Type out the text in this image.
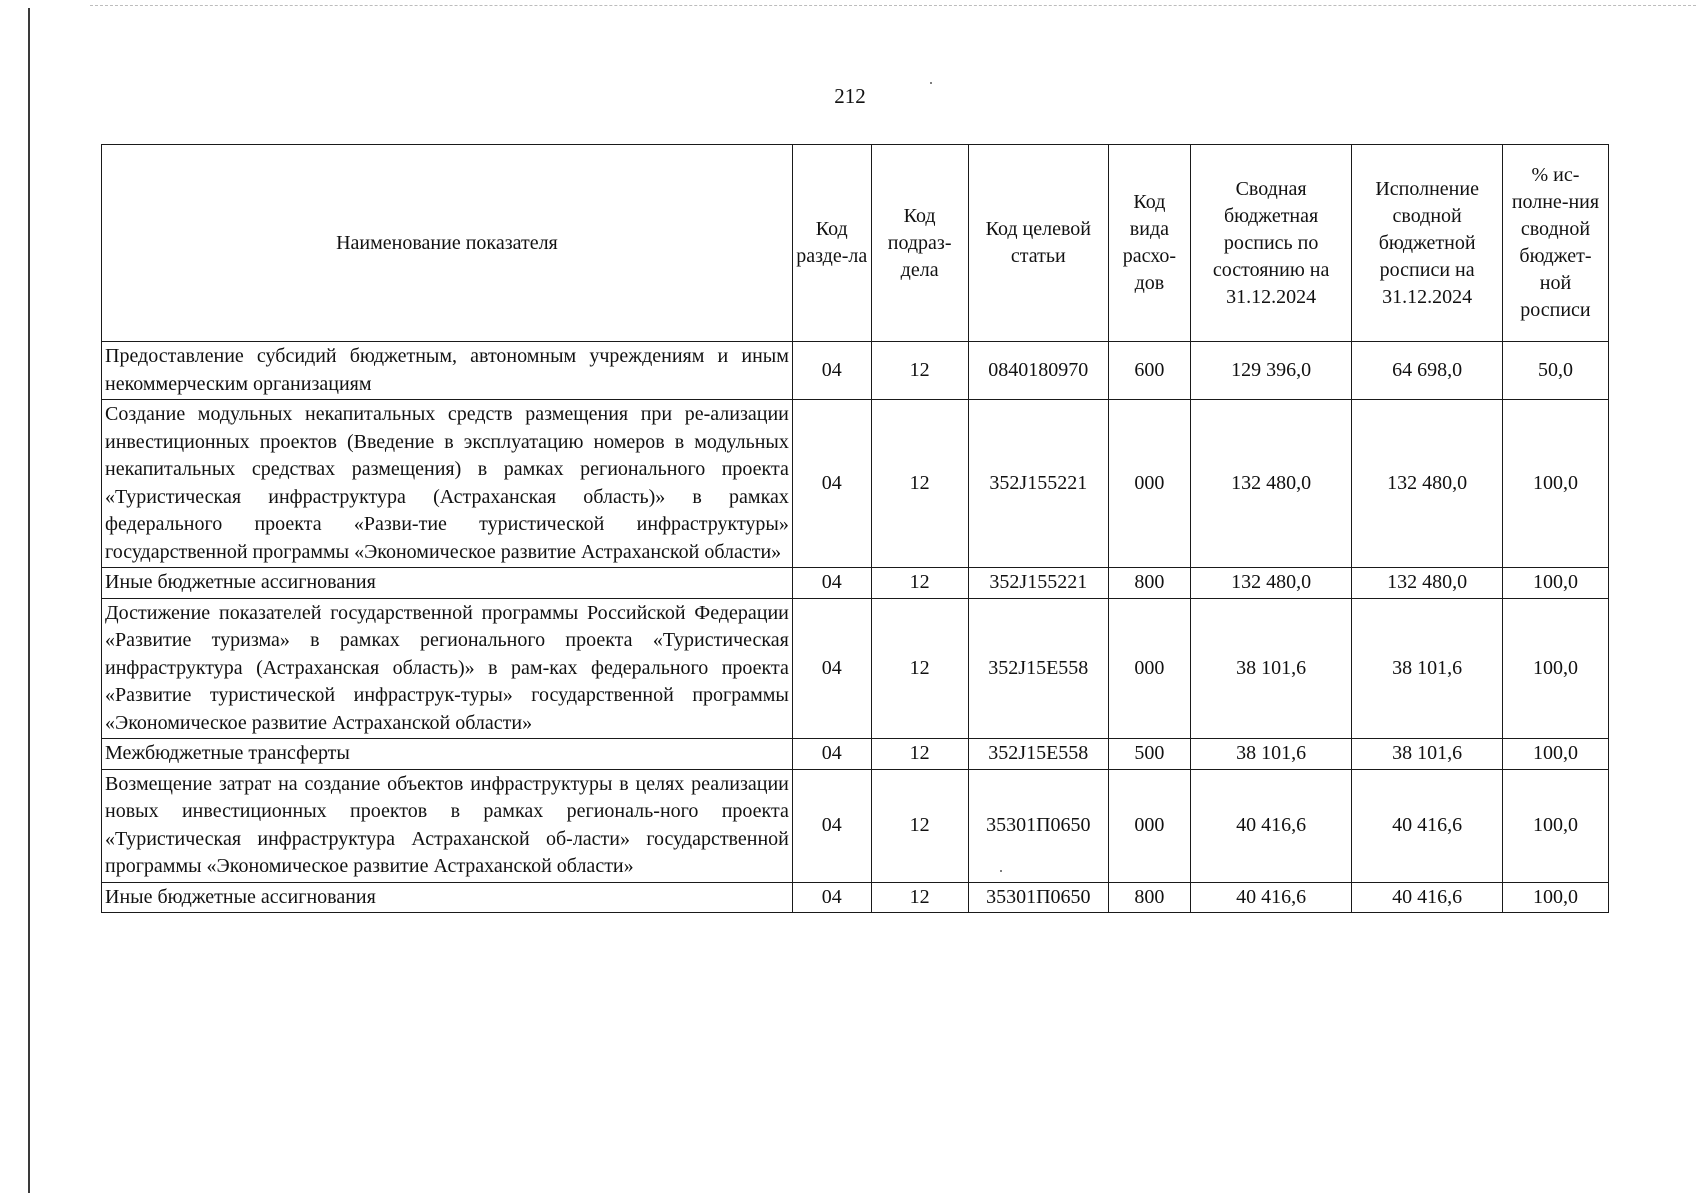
212
Наименование показателя	Код разде-ла	Код подраз-дела	Код целевой статьи	Код вида расхо-дов	Сводная бюджетная роспись по состоянию на 31.12.2024	Исполнение сводной бюджетной росписи на 31.12.2024	% ис-полне-ния сводной бюджет-ной росписи
Предоставление субсидий бюджетным, автономным учреждениям и иным некоммерческим организациям	04	12	0840180970	600	129 396,0	64 698,0	50,0
Создание модульных некапитальных средств размещения при ре-ализации инвестиционных проектов (Введение в эксплуатацию номеров в модульных некапитальных средствах размещения) в рамках регионального проекта «Туристическая инфраструктура (Астраханская область)» в рамках федерального проекта «Разви-тие туристической инфраструктуры» государственной программы «Экономическое развитие Астраханской области»	04	12	352J155221	000	132 480,0	132 480,0	100,0
Иные бюджетные ассигнования	04	12	352J155221	800	132 480,0	132 480,0	100,0
Достижение показателей государственной программы Российской Федерации «Развитие туризма» в рамках регионального проекта «Туристическая инфраструктура (Астраханская область)» в рам-ках федерального проекта «Развитие туристической инфраструк-туры» государственной программы «Экономическое развитие Астраханской области»	04	12	352J15E558	000	38 101,6	38 101,6	100,0
Межбюджетные трансферты	04	12	352J15E558	500	38 101,6	38 101,6	100,0
Возмещение затрат на создание объектов инфраструктуры в целях реализации новых инвестиционных проектов в рамках региональ-ного проекта «Туристическая инфраструктура Астраханской об-ласти» государственной программы «Экономическое развитие Астраханской области»	04	12	35301П0650	000	40 416,6	40 416,6	100,0
Иные бюджетные ассигнования	04	12	35301П0650	800	40 416,6	40 416,6	100,0
